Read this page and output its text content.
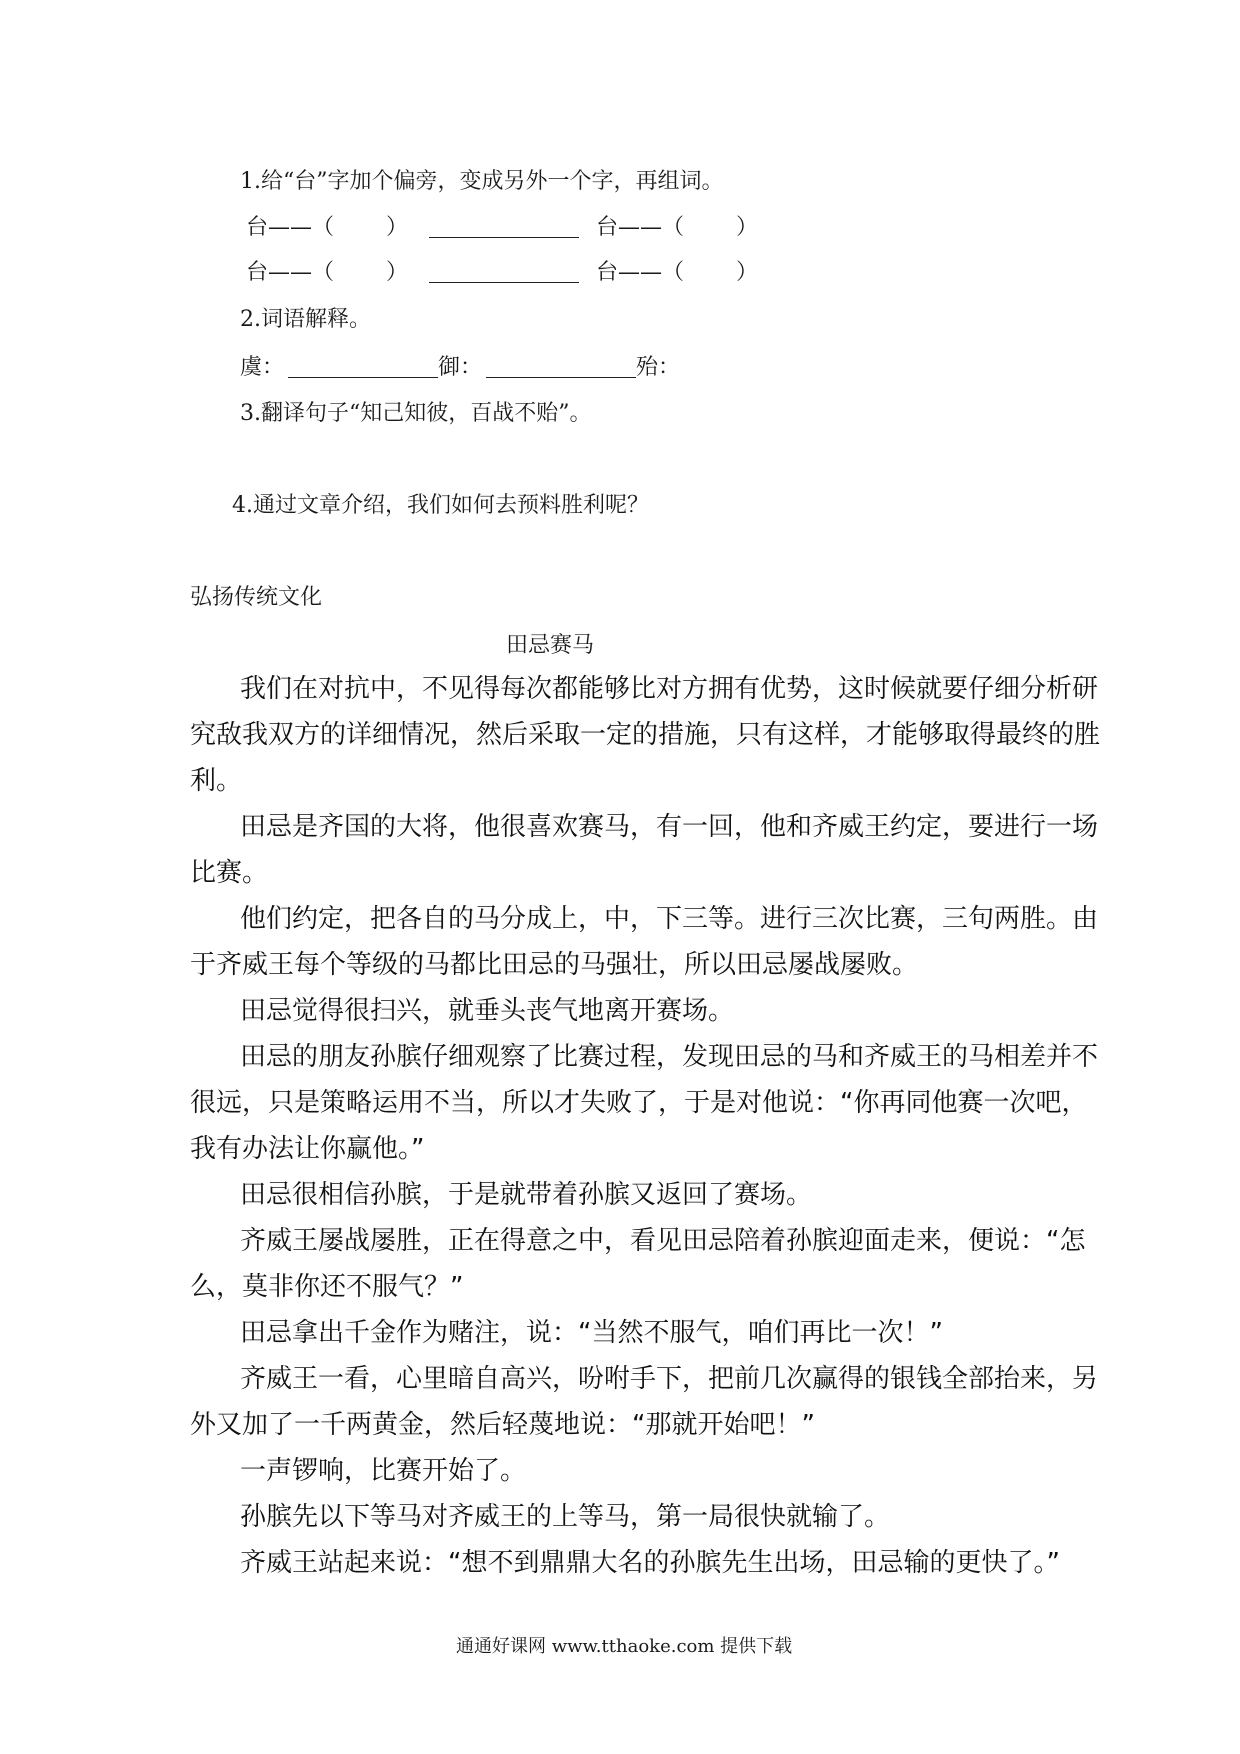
1.给“台”字加个偏旁，变成另外一个字，再组词。
台——（ ）	台——（ ）
台——（ ）	台——（ ）
2.词语解释。
虞：	御：	殆：
3.翻译句子“知己知彼，百战不贻”。
4.通过文章介绍，我们如何去预料胜利呢？
弘扬传统文化
田忌赛马
我们在对抗中，不见得每次都能够比对方拥有优势，这时候就要仔细分析研
究敌我双方的详细情况，然后采取一定的措施，只有这样，才能够取得最终的胜
利。
田忌是齐国的大将，他很喜欢赛马，有一回，他和齐威王约定，要进行一场
比赛。
他们约定，把各自的马分成上，中，下三等。进行三次比赛，三句两胜。由
于齐威王每个等级的马都比田忌的马强壮，所以田忌屡战屡败。
田忌觉得很扫兴，就垂头丧气地离开赛场。
田忌的朋友孙膑仔细观察了比赛过程，发现田忌的马和齐威王的马相差并不
很远，只是策略运用不当，所以才失败了，于是对他说：“你再同他赛一次吧，
我有办法让你赢他。”
田忌很相信孙膑，于是就带着孙膑又返回了赛场。
齐威王屡战屡胜，正在得意之中，看见田忌陪着孙膑迎面走来，便说：“怎
么，莫非你还不服气？”
田忌拿出千金作为赌注，说：“当然不服气，咱们再比一次！”
齐威王一看，心里暗自高兴，吩咐手下，把前几次赢得的银钱全部抬来，另
外又加了一千两黄金，然后轻蔑地说：“那就开始吧！”
一声锣响，比赛开始了。
孙膑先以下等马对齐威王的上等马，第一局很快就输了。
齐威王站起来说：“想不到鼎鼎大名的孙膑先生出场，田忌输的更快了。”
通通好课网 www.tthaoke.com 提供下载
